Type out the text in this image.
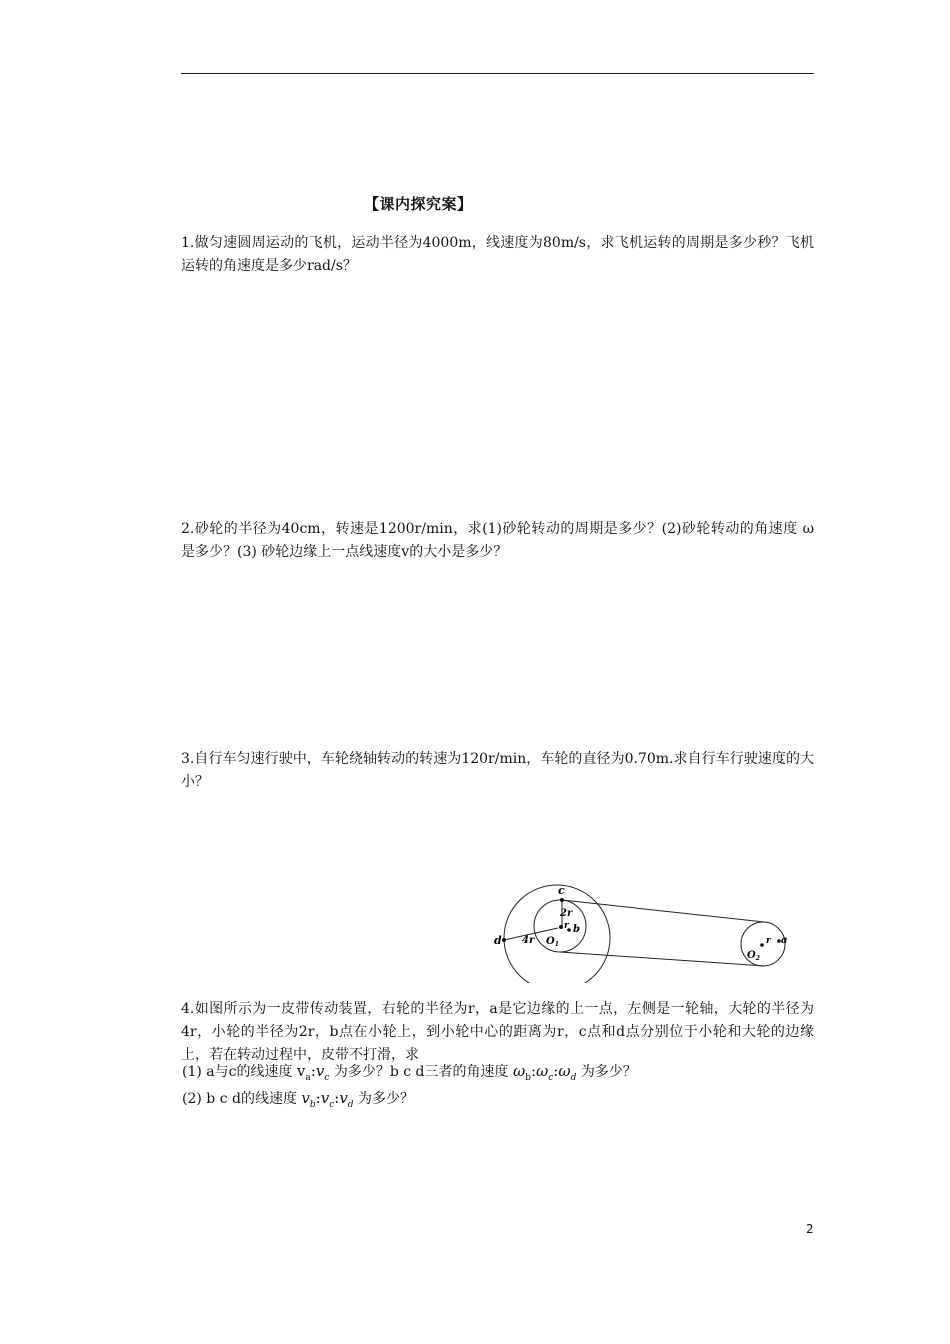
【课内探究案】

1.做匀速圆周运动的飞机，运动半径为4000m，线速度为80m/s，求飞机运转的周期是多少秒？飞机运转的角速度是多少rad/s？

2.砂轮的半径为40cm，转速是1200r/min，求(1)砂轮转动的周期是多少？(2)砂轮转动的角速度 ω 是多少？(3) 砂轮边缘上一点线速度v的大小是多少？

3.自行车匀速行驶中，车轮绕轴转动的转速为120r/min，车轮的直径为0.70m.求自行车行驶速度的大小？

c
2r
d 4r
r b
$O_1$	r a
$O_2$

4.如图所示为一皮带传动装置，右轮的半径为r，a是它边缘的上一点，左侧是一轮轴，大轮的半径为4r，小轮的半径为2r，b点在小轮上，到小轮中心的距离为r，c点和d点分别位于小轮和大轮的边缘上，若在转动过程中，皮带不打滑，求

(1) a与c的线速度 $v_a:v_c$ 为多少？b c d三者的角速度 $\omega_b:\omega_c:\omega_d$ 为多少？
(2) b c d的线速度 $v_b:v_c:v_d$ 为多少？
2
